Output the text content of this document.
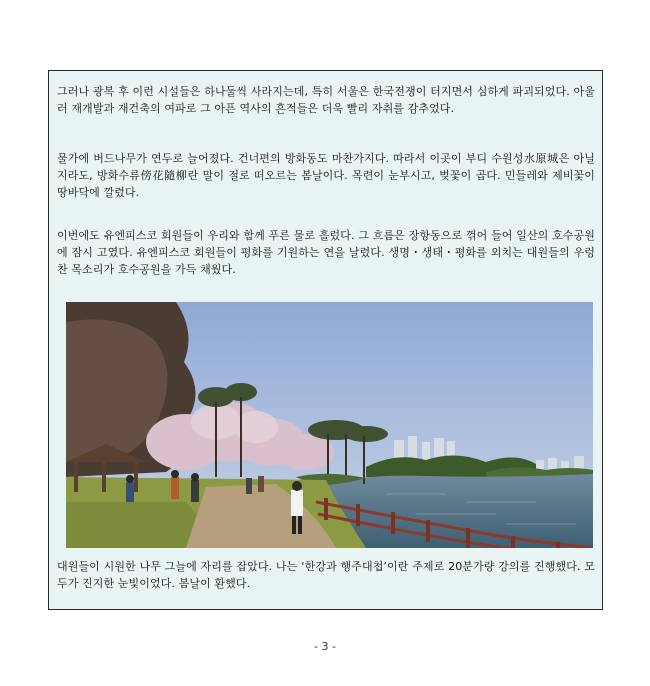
그러나 광복 후 이런 시설들은 하나둘씩 사라지는데, 특히 서울은 한국전쟁이 터지면서 심하게 파괴되었다. 아울러 재개발과 재건축의 여파로 그 아픈 역사의 흔적들은 더욱 빨리 자취를 감추었다.

물가에 버드나무가 연두로 늘어졌다. 건너편의 방화동도 마찬가지다. 따라서 이곳이 부디 수원성水原城은 아닐지라도, 방화수류傍花隨柳란 말이 절로 떠오르는 봄날이다. 목련이 눈부시고, 벚꽃이 곱다. 민들레와 제비꽃이 땅바닥에 깔렸다.

이번에도 유엔피스코 회원들이 우리와 함께 푸른 물로 흘렀다. 그 흐름은 장항동으로 꺾어 들어 일산의 호수공원에 잠시 고였다. 유엔피스코 회원들이 평화를 기원하는 연을 날렸다. 생명・생태・평화를 외치는 대원들의 우렁찬 목소리가 호수공원을 가득 채웠다.

대원들이 시원한 나무 그늘에 자리를 잡았다. 나는 ‘한강과 행주대첩’이란 주제로 20분가량 강의를 진행했다. 모두가 진지한 눈빛이었다. 봄날이 환했다.

- 3 -
